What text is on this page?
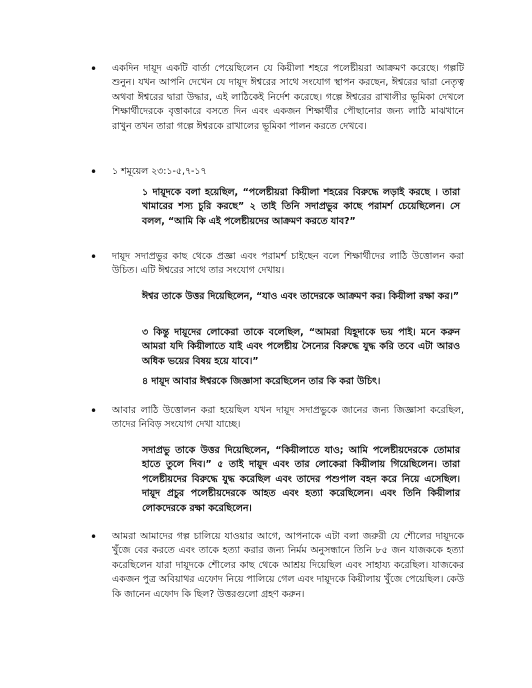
• একদিন দায়ূদ একটি বার্তা পেয়েছিলেন যে কিয়ীলা শহরে পলেষ্টীয়রা আক্রমণ করেছে। গল্পটি শুনুন। যখন আপনি দেখেন যে দায়ূদ ঈশ্বরের সাথে সংযোগ স্থাপন করছেন, ঈশ্বরের দ্বারা নেতৃত্ব অথবা ঈশ্বরের দ্বারা উদ্ধার, এই লাঠিকেই নির্দেশ করেছে। গল্পে ঈশ্বরের রাখালীর ভূমিকা দেখলে শিক্ষার্থীদেরকে বৃত্তাকারে বসতে দিন এবং একজন শিক্ষার্থীর পৌছানোর জন্য লাঠি মাঝখানে রাখুন তখন তারা গল্পে ঈশ্বরকে রাখালের ভূমিকা পালন করতে দেখবে।

• ১ শমূয়েল ২৩:১-৫,৭-১৭

১ দায়ূদকে বলা হয়েছিল, “পলেষ্টীয়রা কিয়ীলা শহরের বিরুদ্ধে লড়াই করছে । তারা খামারের শস্য চুরি করছে” ২ তাই তিনি সদাপ্রভুর কাছে পরামর্শ চেয়েছিলেন। সে বলল, “আমি কি এই পলেষ্টীয়দের আক্রমণ করতে যাব?”

• দায়ূদ সদাপ্রভুর কাছ থেকে প্রজ্ঞা এবং পরামর্শ চাইছেন বলে শিক্ষার্থীদের লাঠি উত্তোলন করা উচিত। এটি ঈশ্বরের সাথে তার সংযোগ দেখায়।

ঈশ্বর তাকে উত্তর দিয়েছিলেন, “যাও এবং তাদেরকে আক্রমণ কর। কিয়ীলা রক্ষা কর।”

৩ কিন্তু দায়ূদের লোকেরা তাকে বলেছিল, “আমরা যিহূদাকে ভয় পাই। মনে করুন আমরা যদি কিয়ীলাতে যাই এবং পলেষ্টীয় সৈন্যের বিরুদ্ধে যুদ্ধ করি তবে এটা আরও অধিক ভয়ের বিষয় হয়ে যাবে।”

৪ দায়ূদ আবার ঈশ্বরকে জিজ্ঞাসা করেছিলেন তার কি করা উচিৎ।

• আবার লাঠি উত্তোলন করা হয়েছিল যখন দায়ূদ সদাপ্রভুকে জানের জন্য জিজ্ঞাসা করেছিল, তাদের নিবিড় সংযোগ দেখা যাচ্ছে।

সদাপ্রভু তাকে উত্তর দিয়েছিলেন, “কিয়ীলাতে যাও; আমি পলেষ্টীয়দেরকে তোমার হাতে তুলে দিব।” ৫ তাই দায়ূদ এবং তার লোকেরা কিয়ীলায় গিয়েছিলেন। তারা পলেষ্টীয়দের বিরুদ্ধে যুদ্ধ করেছিল এবং তাদের পশুপাল বহন করে নিয়ে এসেছিল। দায়ূদ প্রচুর পলেষ্টীয়দেরকে আহত এবং হত্যা করেছিলেন। এবং তিনি কিয়ীলার লোকদেরকে রক্ষা করেছিলেন।

• আমরা আমাদের গল্প চালিয়ে যাওয়ার আগে, আপনাকে এটা বলা জরুরী যে শৌলের দায়ূদকে খুঁজে বের করতে এবং তাকে হত্যা করার জন্য নির্মম অনুসন্ধানে তিনি ৮৫ জন যাজককে হত্যা করেছিলেন যারা দায়ূদকে শৌলের কাছ থেকে আশ্রয় দিয়েছিল এবং সাহায্য করেছিল। যাজকের একজন পুত্র অবিয়াথর এফোদ নিয়ে পালিয়ে গেল এবং দায়ূদকে কিয়ীলায় খুঁজে পেয়েছিল। কেউ কি জানেন এফোদ কি ছিল? উত্তরগুলো গ্রহণ করুন।
